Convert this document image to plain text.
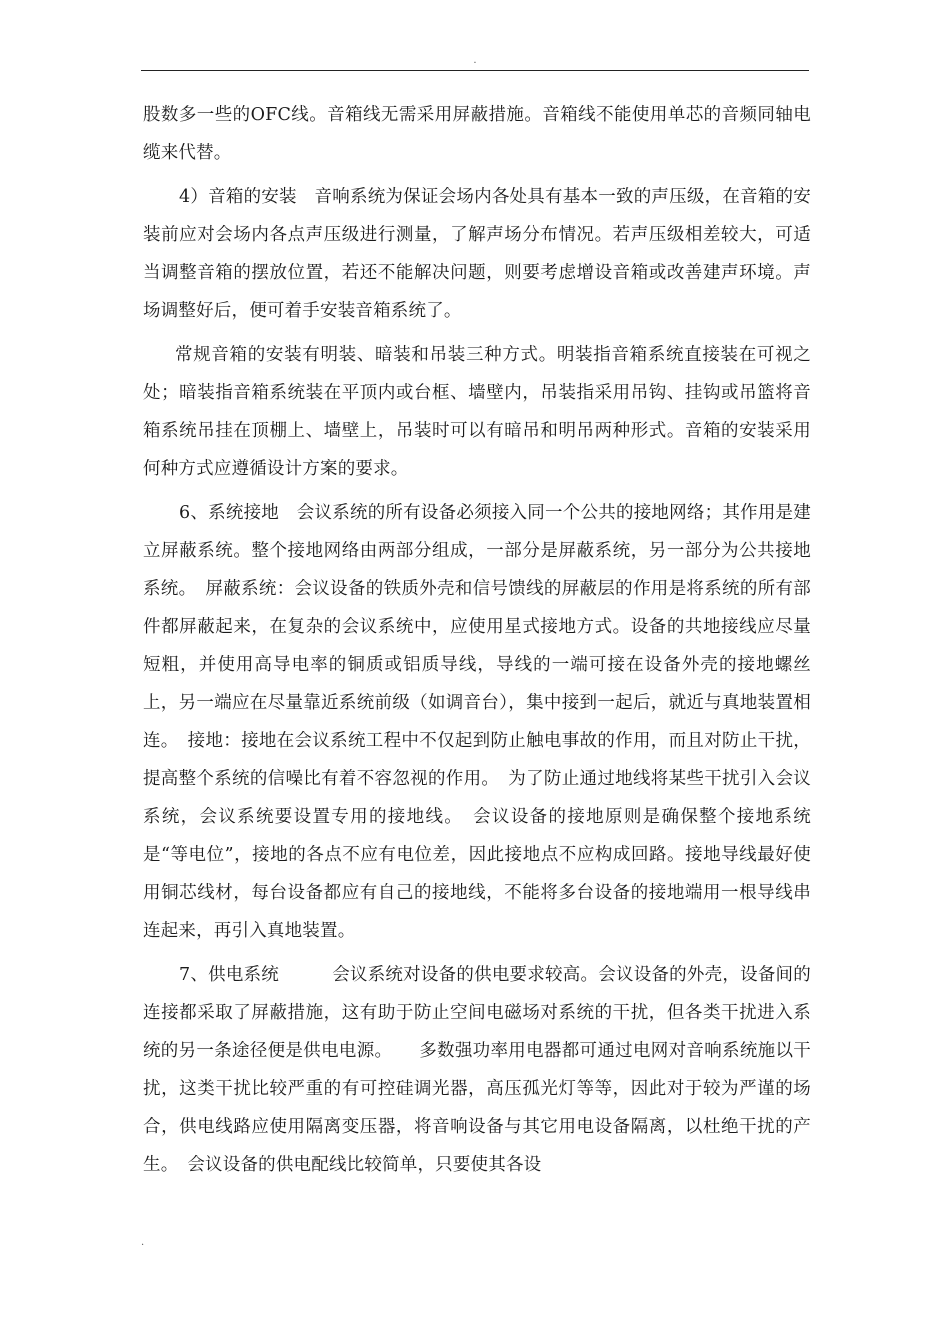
.

股数多一些的OFC线。音箱线无需采用屏蔽措施。音箱线不能使用单芯的音频同轴电缆来代替。

4）音箱的安装　音响系统为保证会场内各处具有基本一致的声压级，在音箱的安装前应对会场内各点声压级进行测量，了解声场分布情况。若声压级相差较大，可适当调整音箱的摆放位置，若还不能解决问题，则要考虑增设音箱或改善建声环境。声场调整好后，便可着手安装音箱系统了。

常规音箱的安装有明装、暗装和吊装三种方式。明装指音箱系统直接装在可视之处；暗装指音箱系统装在平顶内或台框、墙壁内，吊装指采用吊钩、挂钩或吊篮将音箱系统吊挂在顶棚上、墙壁上，吊装时可以有暗吊和明吊两种形式。音箱的安装采用何种方式应遵循设计方案的要求。

6、系统接地　会议系统的所有设备必须接入同一个公共的接地网络；其作用是建立屏蔽系统。整个接地网络由两部分组成，一部分是屏蔽系统，另一部分为公共接地系统。　屏蔽系统：会议设备的铁质外壳和信号馈线的屏蔽层的作用是将系统的所有部件都屏蔽起来，在复杂的会议系统中，应使用星式接地方式。设备的共地接线应尽量短粗，并使用高导电率的铜质或铝质导线，导线的一端可接在设备外壳的接地螺丝上，另一端应在尽量靠近系统前级（如调音台），集中接到一起后，就近与真地装置相连。　接地：接地在会议系统工程中不仅起到防止触电事故的作用，而且对防止干扰，提高整个系统的信噪比有着不容忽视的作用。　为了防止通过地线将某些干扰引入会议系统，会议系统要设置专用的接地线。　会议设备的接地原则是确保整个接地系统是“等电位”，接地的各点不应有电位差，因此接地点不应构成回路。接地导线最好使用铜芯线材，每台设备都应有自己的接地线，不能将多台设备的接地端用一根导线串连起来，再引入真地装置。

7、供电系统　　　会议系统对设备的供电要求较高。会议设备的外壳，设备间的连接都采取了屏蔽措施，这有助于防止空间电磁场对系统的干扰，但各类干扰进入系统的另一条途径便是供电电源。　　多数强功率用电器都可通过电网对音响系统施以干扰，这类干扰比较严重的有可控硅调光器，高压孤光灯等等，因此对于较为严谨的场合，供电线路应使用隔离变压器，将音响设备与其它用电设备隔离，以杜绝干扰的产生。　会议设备的供电配线比较简单，只要使其各设

.
